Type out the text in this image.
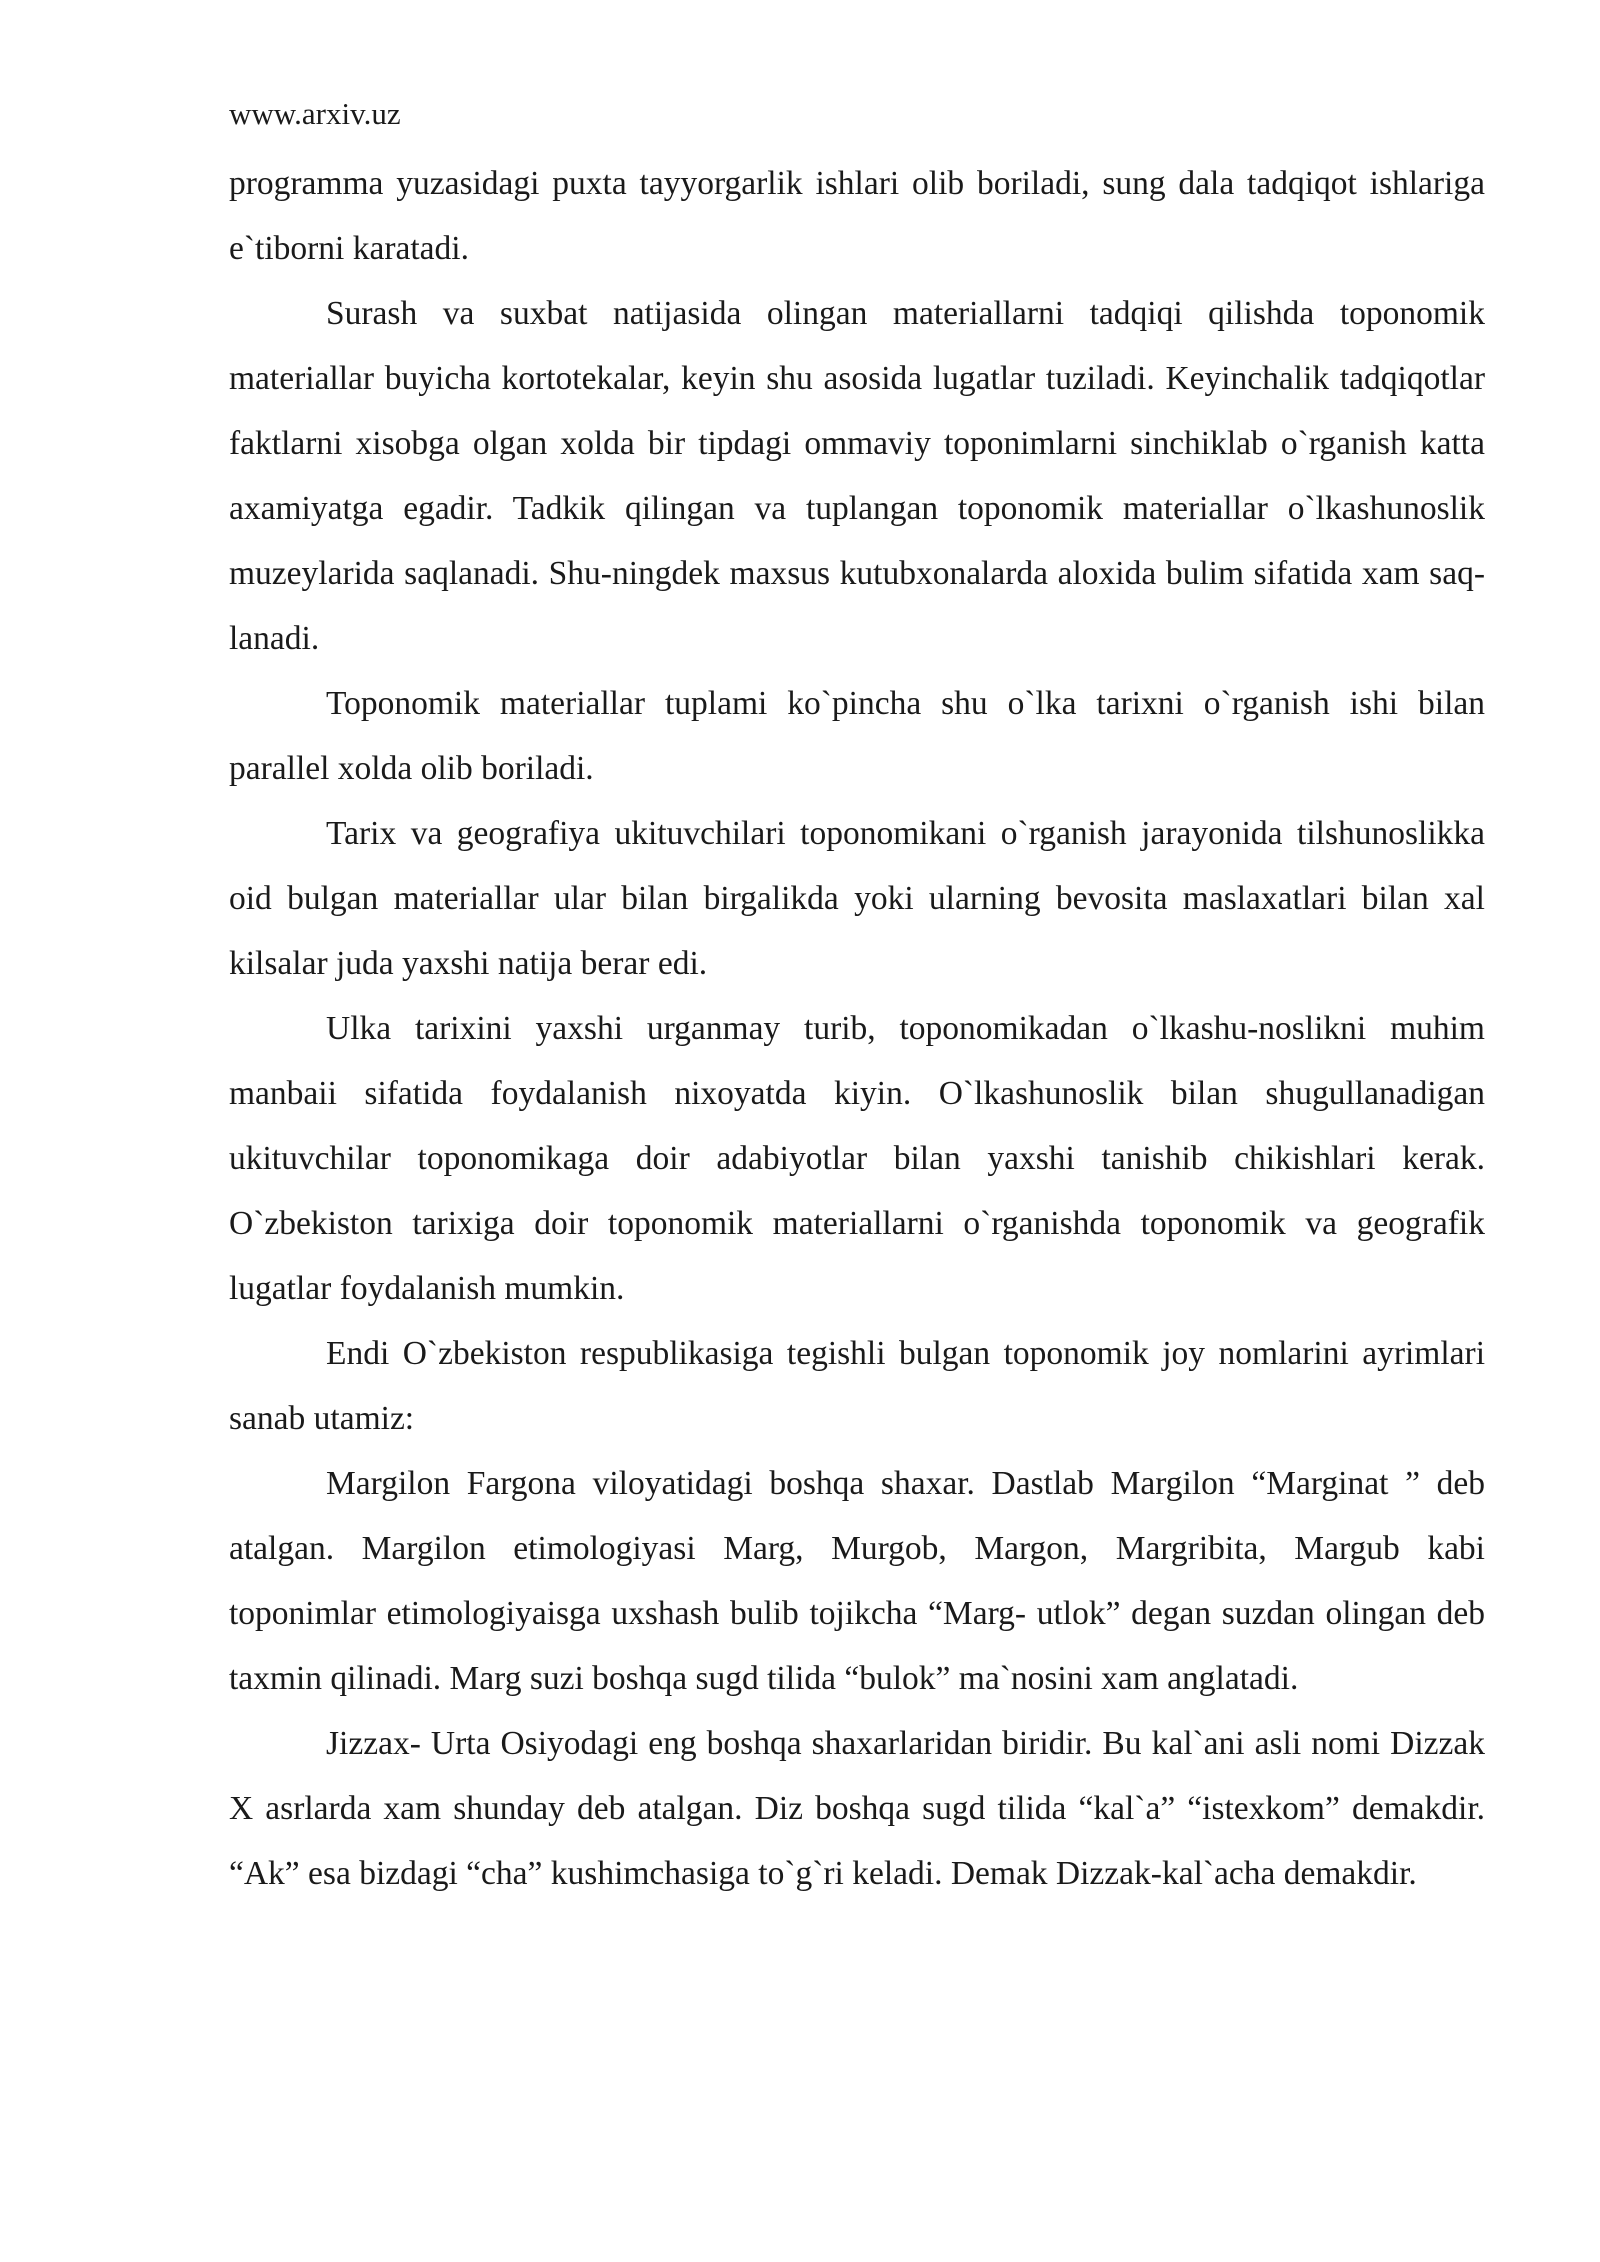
www.arxiv.uz

programma yuzasidagi puxta tayyorgarlik ishlari olib boriladi, sung dala tadqiqot ishlariga e`tiborni karatadi.

Surash va suxbat natijasida olingan materiallarni tadqiqi qilishda toponomik materiallar buyicha kortotekalar, keyin shu asosida lugatlar tuziladi. Keyinchalik tadqiqotlar faktlarni xisobga olgan xolda bir tipdagi ommaviy toponimlarni sinchiklab o`rganish katta axamiyatga egadir. Tadkik qilingan va tuplangan toponomik materiallar o`lkashunoslik muzeylarida saqlanadi. Shu-ningdek maxsus kutubxonalarda aloxida bulim sifatida xam saq-lanadi.

Toponomik materiallar tuplami ko`pincha shu o`lka tarixni o`rganish ishi bilan parallel xolda olib boriladi.

Tarix va geografiya ukituvchilari toponomikani o`rganish jarayonida tilshunoslikka oid bulgan materiallar ular bilan birgalikda yoki ularning bevosita maslaxatlari bilan xal kilsalar juda yaxshi natija berar edi.

Ulka tarixini yaxshi urganmay turib, toponomikadan o`lkashu-noslikni muhim manbaii sifatida foydalanish nixoyatda kiyin. O`lkashunoslik bilan shugullanadigan ukituvchilar toponomikaga doir adabiyotlar bilan yaxshi tanishib chikishlari kerak. O`zbekiston tarixiga doir toponomik materiallarni o`rganishda toponomik va geografik lugatlar foydalanish mumkin.

Endi O`zbekiston respublikasiga tegishli bulgan toponomik joy nomlarini ayrimlari sanab utamiz:

Margilon Fargona viloyatidagi boshqa shaxar. Dastlab Margilon “Marginat ” deb atalgan. Margilon etimologiyasi Marg, Murgob, Margon, Margribita, Margub kabi toponimlar etimologiyaisga uxshash bulib tojikcha “Marg- utlok” degan suzdan olingan deb taxmin qilinadi. Marg suzi boshqa sugd tilida “bulok” ma`nosini xam anglatadi.

Jizzax- Urta Osiyodagi eng boshqa shaxarlaridan biridir. Bu kal`ani asli nomi Dizzak X asrlarda xam shunday deb atalgan. Diz boshqa sugd tilida “kal`a” “istexkom” demakdir. “Ak” esa bizdagi “cha” kushimchasiga to`g`ri keladi. Demak Dizzak-kal`acha demakdir.
